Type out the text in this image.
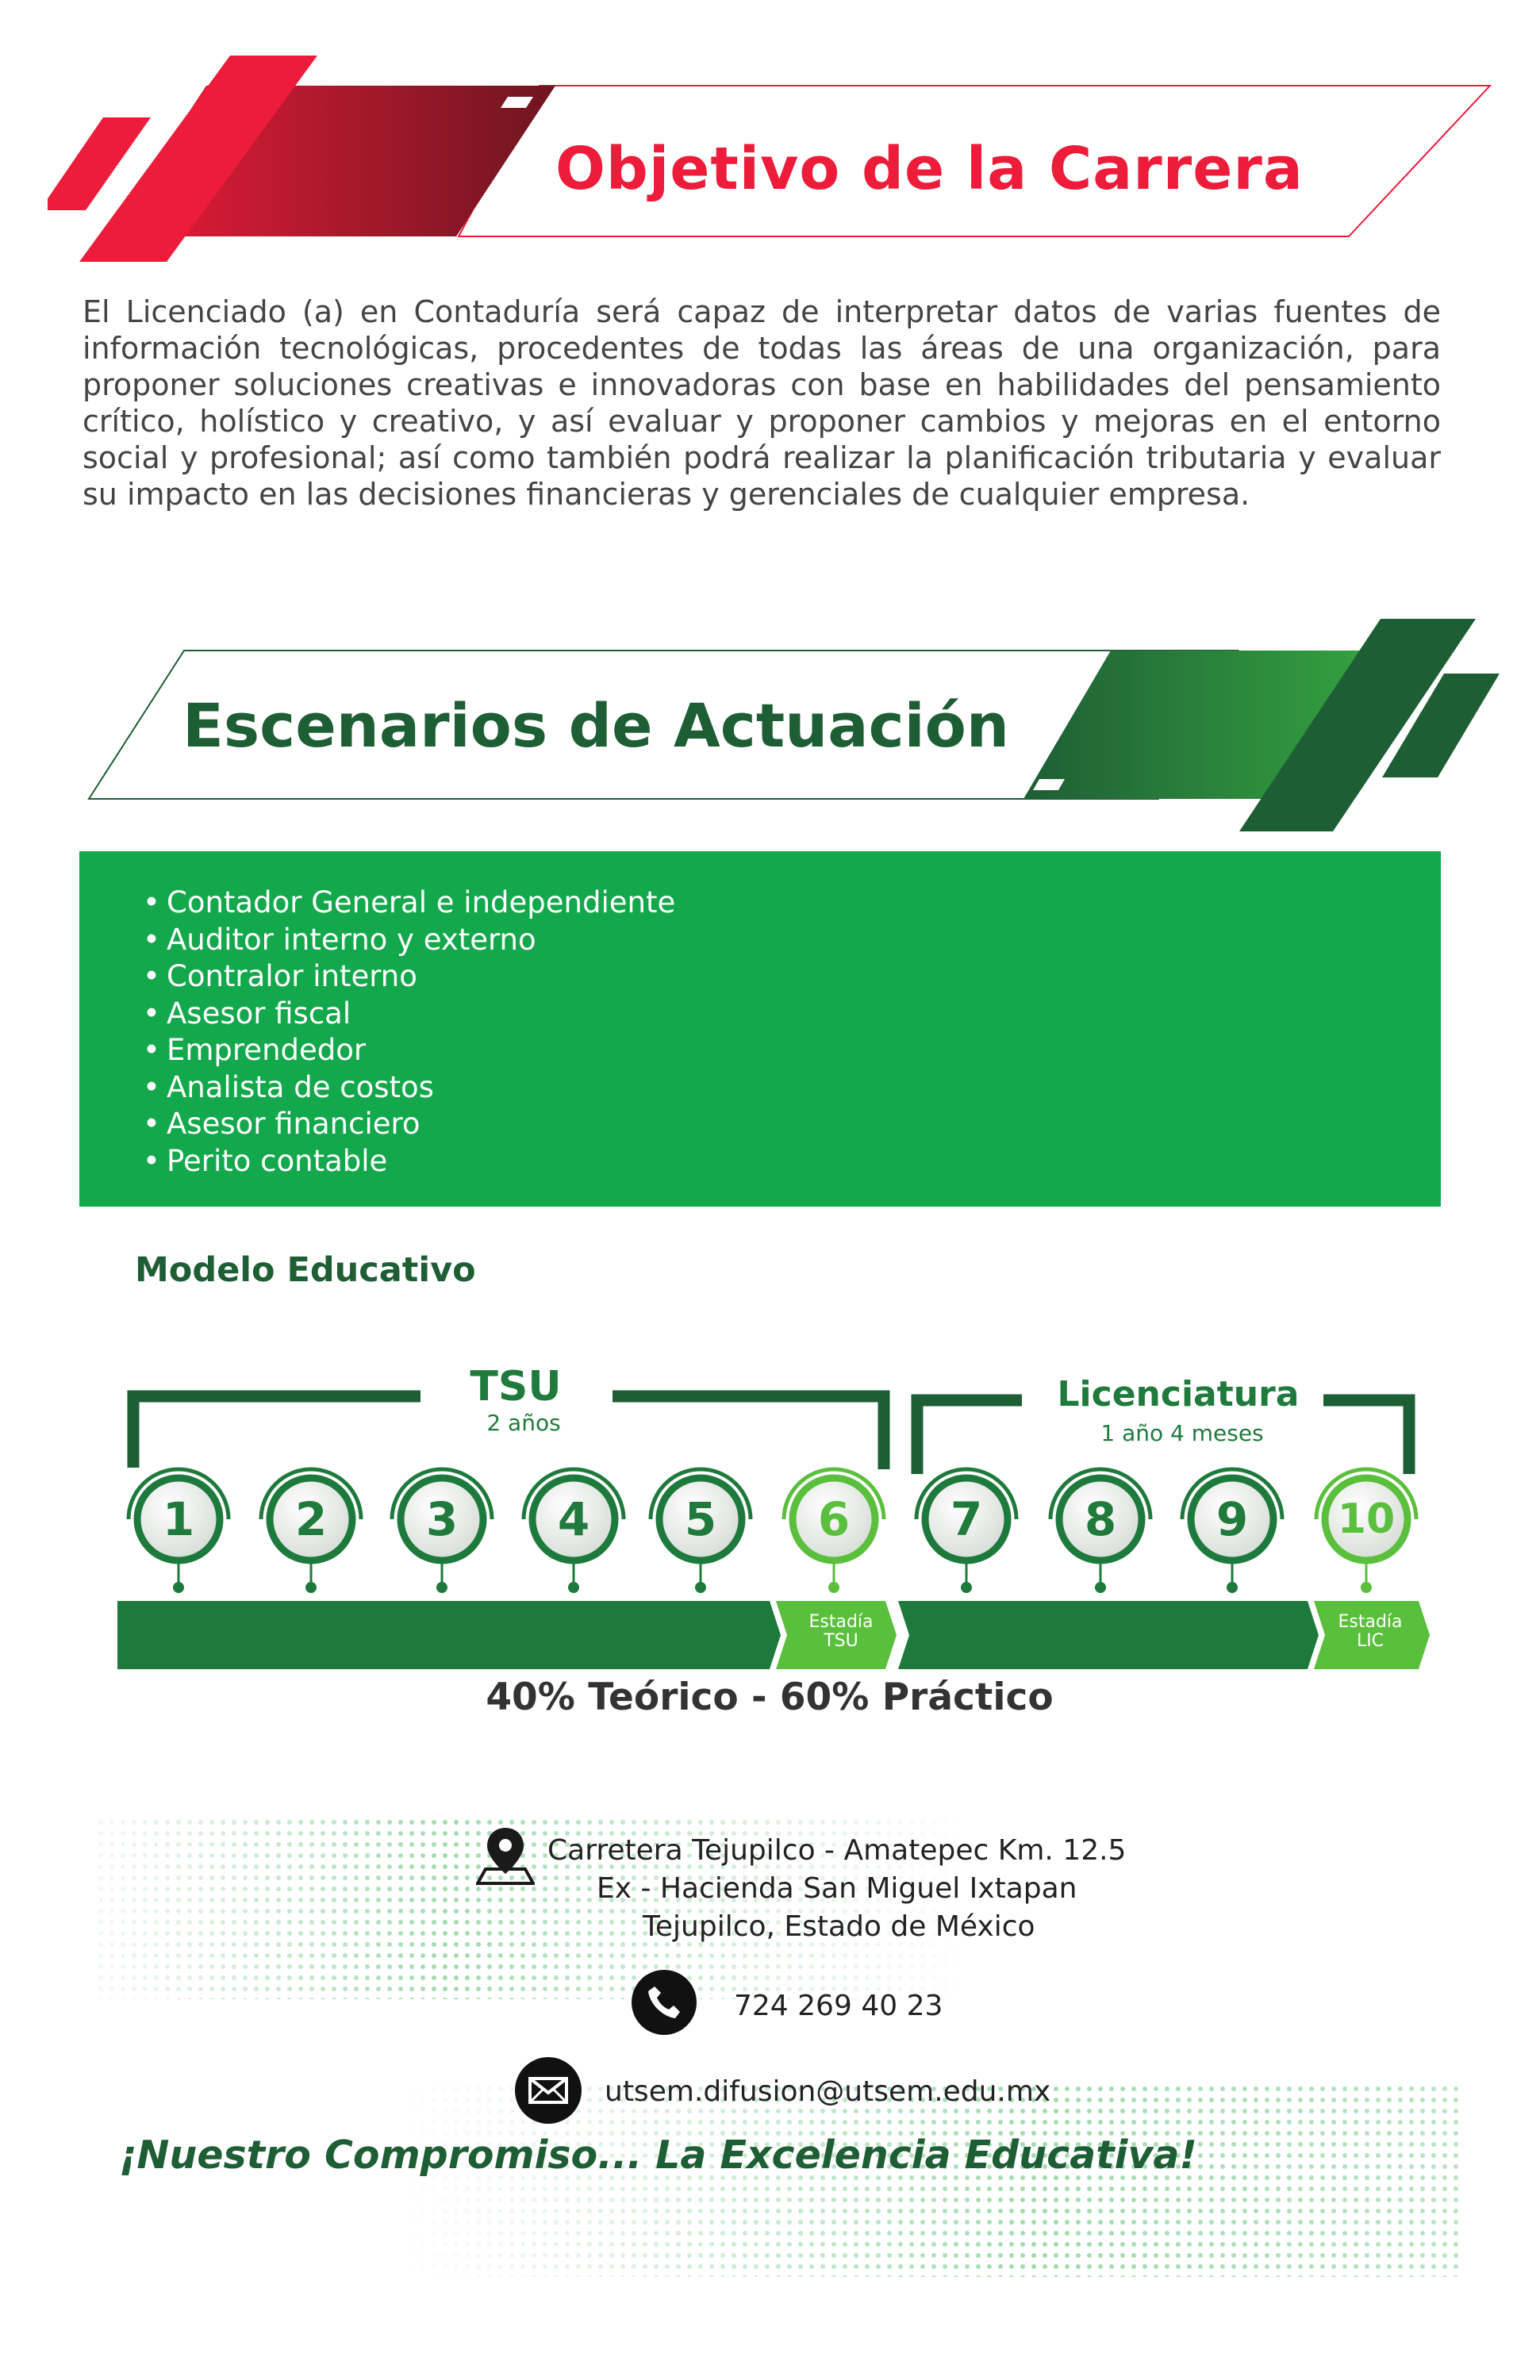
Objetivo de la Carrera
El Licenciado (a) en Contaduría será capaz de interpretar datos de varias fuentes de información tecnológicas, procedentes de todas las áreas de una organización, para proponer soluciones creativas e innovadoras con base en habilidades del pensamiento crítico, holístico y creativo, y así evaluar y proponer cambios y mejoras en el entorno social y profesional; así como también podrá realizar la planificación tributaria y evaluar su impacto en las decisiones financieras y gerenciales de cualquier empresa.
Escenarios de Actuación
• Contador General e independiente
• Auditor interno y externo
• Contralor interno
• Asesor fiscal
• Emprendedor
• Analista de costos
• Asesor financiero
• Perito contable
Modelo Educativo
TSU
2 años
Licenciatura
1 año 4 meses
1	2	3	4	5	6	7	8	9	10
Estadía TSU
Estadía LIC
40% Teórico - 60% Práctico
Carretera Tejupilco - Amatepec Km. 12.5
Ex - Hacienda San Miguel Ixtapan
Tejupilco, Estado de México
724 269 40 23
utsem.difusion@utsem.edu.mx
¡Nuestro Compromiso... La Excelencia Educativa!
